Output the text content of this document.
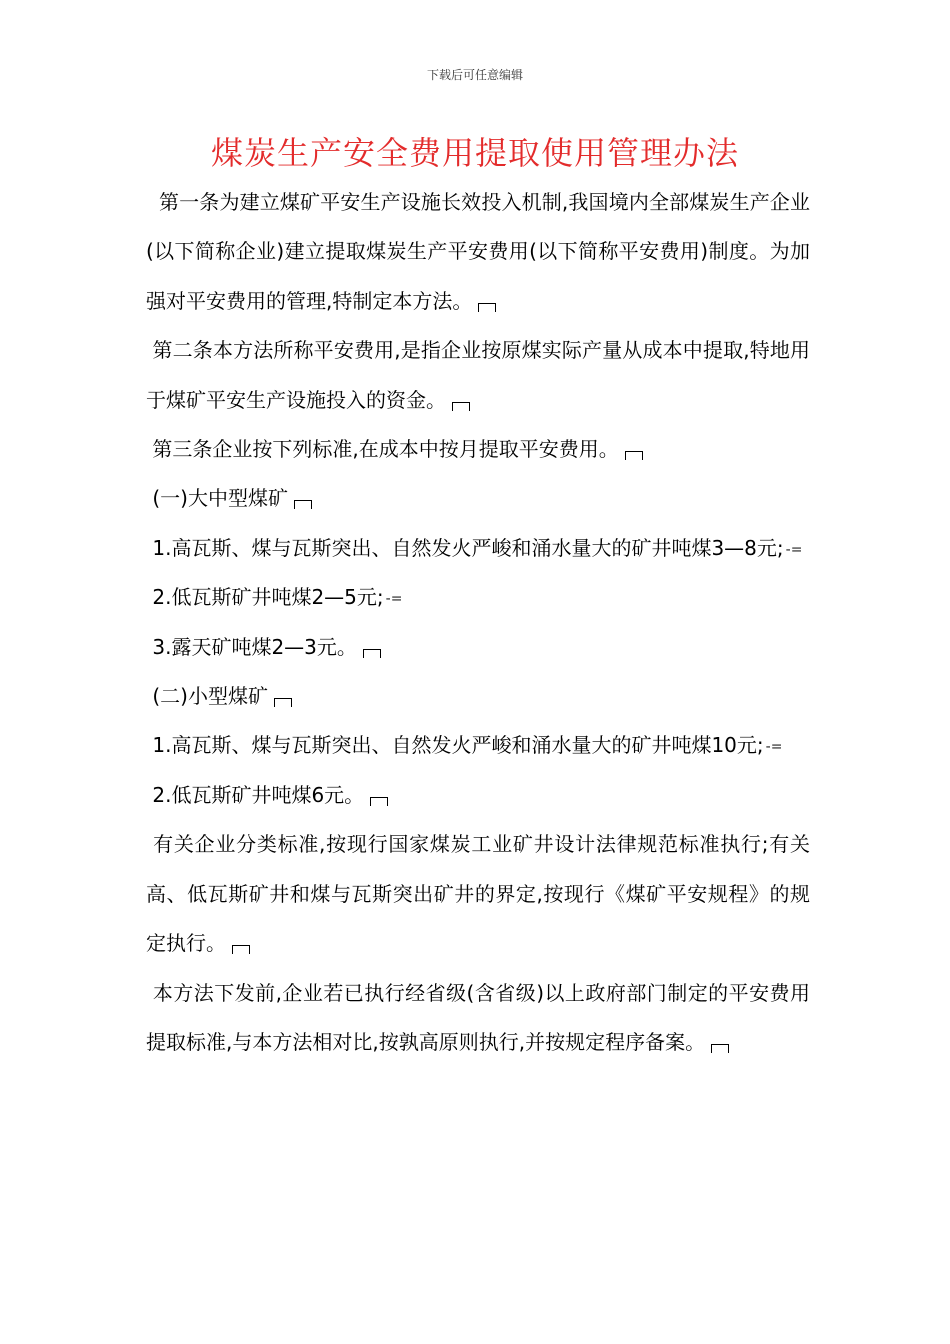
下载后可任意编辑
煤炭生产安全费用提取使用管理办法

第一条为建立煤矿平安生产设施长效投入机制,我国境内全部煤炭生产企业(以下简称企业)建立提取煤炭生产平安费用(以下简称平安费用)制度。为加强对平安费用的管理,特制定本方法。

第二条本方法所称平安费用,是指企业按原煤实际产量从成本中提取,特地用于煤矿平安生产设施投入的资金。

第三条企业按下列标准,在成本中按月提取平安费用。

(一)大中型煤矿

1.高瓦斯、煤与瓦斯突出、自然发火严峻和涌水量大的矿井吨煤3—8元; -=

2.低瓦斯矿井吨煤2—5元; -=

3.露天矿吨煤2—3元。

(二)小型煤矿

1.高瓦斯、煤与瓦斯突出、自然发火严峻和涌水量大的矿井吨煤10元; -=

2.低瓦斯矿井吨煤6元。

有关企业分类标准,按现行国家煤炭工业矿井设计法律规范标准执行;有关高、低瓦斯矿井和煤与瓦斯突出矿井的界定,按现行《煤矿平安规程》的规定执行。

本方法下发前,企业若已执行经省级(含省级)以上政府部门制定的平安费用提取标准,与本方法相对比,按孰高原则执行,并按规定程序备案。
